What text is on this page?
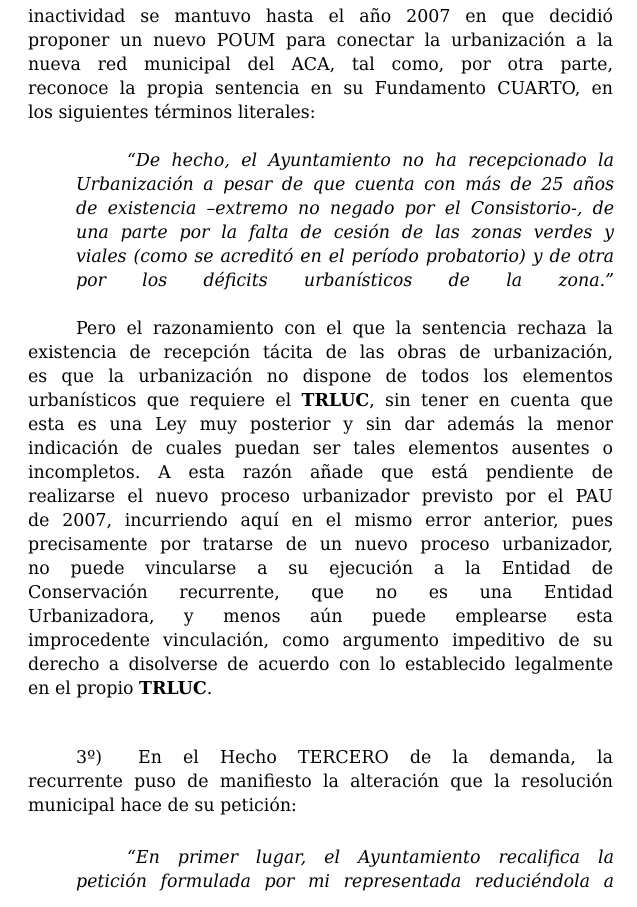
inactividad se mantuvo hasta el año 2007 en que decidió
proponer un nuevo POUM para conectar la urbanización a la
nueva red municipal del ACA, tal como, por otra parte,
reconoce la propia sentencia en su Fundamento CUARTO, en
los siguientes términos literales:
“De hecho, el Ayuntamiento no ha recepcionado la
Urbanización a pesar de que cuenta con más de 25 años
de existencia –extremo no negado por el Consistorio-, de
una parte por la falta de cesión de las zonas verdes y
viales (como se acreditó en el período probatorio) y de otra
por los déficits urbanísticos de la zona.”
Pero el razonamiento con el que la sentencia rechaza la
existencia de recepción tácita de las obras de urbanización,
es que la urbanización no dispone de todos los elementos
urbanísticos que requiere el TRLUC, sin tener en cuenta que
esta es una Ley muy posterior y sin dar además la menor
indicación de cuales puedan ser tales elementos ausentes o
incompletos. A esta razón añade que está pendiente de
realizarse el nuevo proceso urbanizador previsto por el PAU
de 2007, incurriendo aquí en el mismo error anterior, pues
precisamente por tratarse de un nuevo proceso urbanizador,
no puede vincularse a su ejecución a la Entidad de
Conservación recurrente, que no es una Entidad
Urbanizadora, y menos aún puede emplearse esta
improcedente vinculación, como argumento impeditivo de su
derecho a disolverse de acuerdo con lo establecido legalmente
en el propio TRLUC.
3º) En el Hecho TERCERO de la demanda, la
recurrente puso de manifiesto la alteración que la resolución
municipal hace de su petición:
“En primer lugar, el Ayuntamiento recalifica la
petición formulada por mi representada reduciéndola a
